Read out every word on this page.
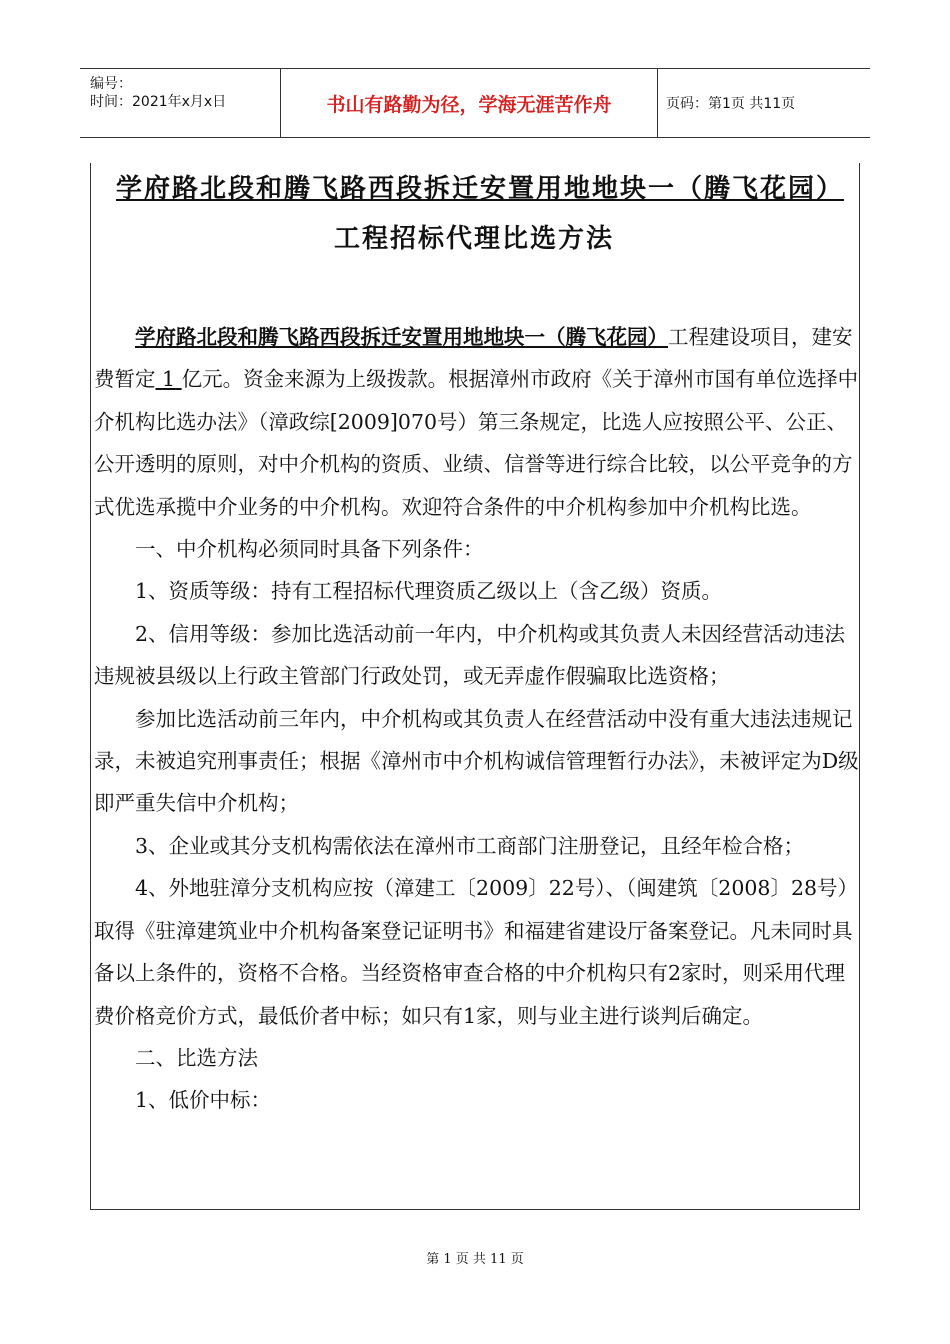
编号：
时间：2021年x月x日	书山有路勤为径，学海无涯苦作舟	页码：第1页 共11页
学府路北段和腾飞路西段拆迁安置用地地块一（腾飞花园）
工程招标代理比选方法

学府路北段和腾飞路西段拆迁安置用地地块一（腾飞花园）工程建设项目，建安费暂定 1 亿元。资金来源为上级拨款。根据漳州市政府《关于漳州市国有单位选择中介机构比选办法》（漳政综[2009]070号）第三条规定，比选人应按照公平、公正、公开透明的原则，对中介机构的资质、业绩、信誉等进行综合比较，以公平竞争的方式优选承揽中介业务的中介机构。欢迎符合条件的中介机构参加中介机构比选。

一、中介机构必须同时具备下列条件：

1、资质等级：持有工程招标代理资质乙级以上（含乙级）资质。

2、信用等级：参加比选活动前一年内，中介机构或其负责人未因经营活动违法违规被县级以上行政主管部门行政处罚，或无弄虚作假骗取比选资格；

参加比选活动前三年内，中介机构或其负责人在经营活动中没有重大违法违规记录，未被追究刑事责任；根据《漳州市中介机构诚信管理暂行办法》，未被评定为D级即严重失信中介机构；

3、企业或其分支机构需依法在漳州市工商部门注册登记，且经年检合格；

4、外地驻漳分支机构应按（漳建工〔2009〕22号）、（闽建筑〔2008〕28号）取得《驻漳建筑业中介机构备案登记证明书》和福建省建设厅备案登记。凡未同时具备以上条件的，资格不合格。当经资格审查合格的中介机构只有2家时，则采用代理费价格竞价方式，最低价者中标；如只有1家，则与业主进行谈判后确定。

二、比选方法

1、低价中标：

第 1 页 共 11 页
